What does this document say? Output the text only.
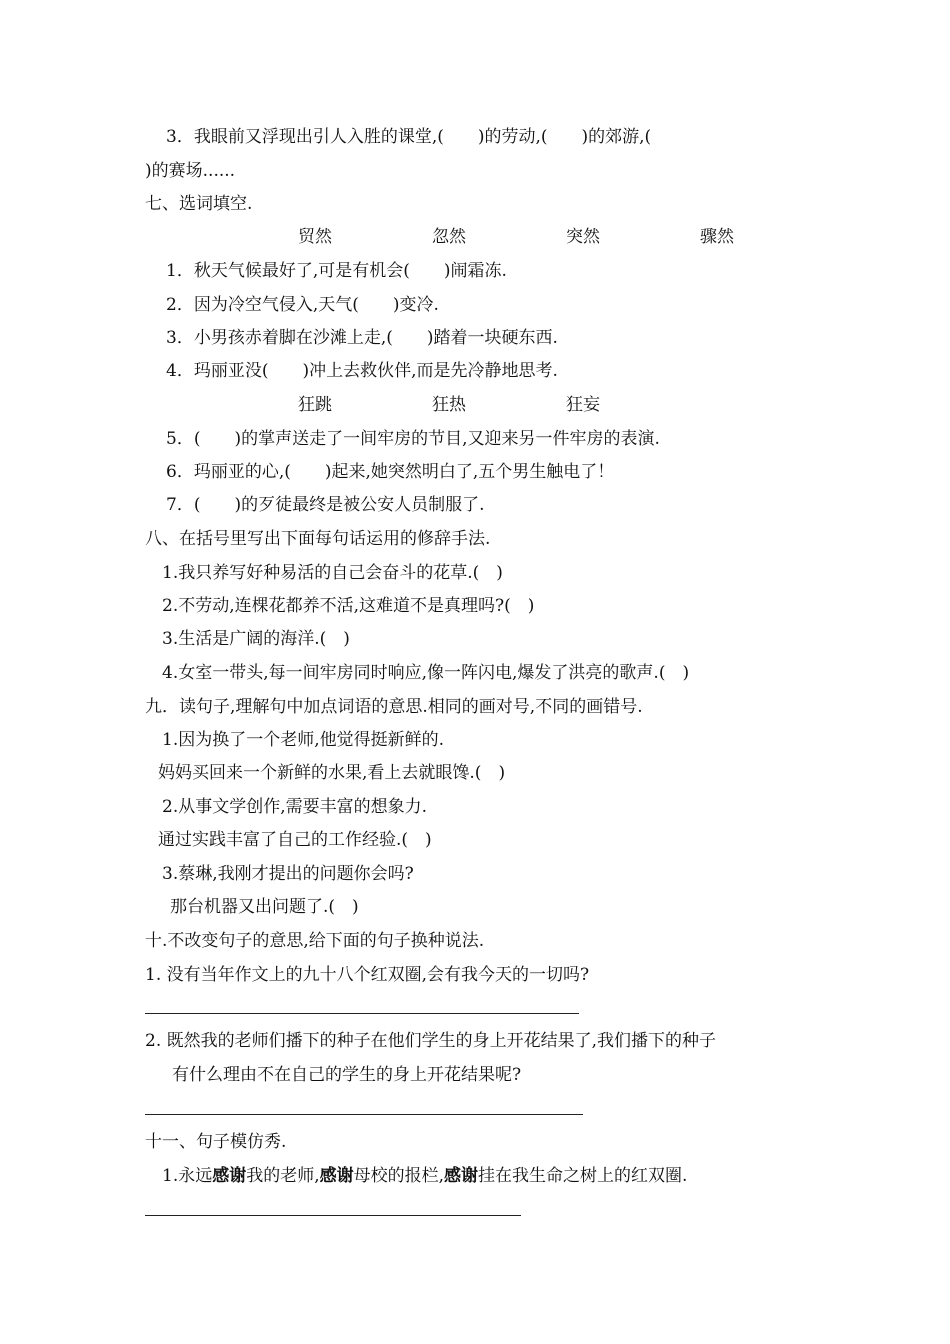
3．我眼前又浮现出引人入胜的课堂,(　　)的劳动,(　　)的郊游,(
)的赛场......
七、选词填空.
贸然	忽然	突然	骤然
1．秋天气候最好了,可是有机会(　　)闹霜冻.
2．因为冷空气侵入,天气(　　)变冷.
3．小男孩赤着脚在沙滩上走,(　　)踏着一块硬东西.
4．玛丽亚没(　　)冲上去救伙伴,而是先冷静地思考.
狂跳	狂热	狂妄
5．(　　)的掌声送走了一间牢房的节目,又迎来另一件牢房的表演.
6．玛丽亚的心,(　　)起来,她突然明白了,五个男生触电了！
7．(　　)的歹徒最终是被公安人员制服了.
八、在括号里写出下面每句话运用的修辞手法.
1.我只养写好种易活的自己会奋斗的花草.(　)
2.不劳动,连棵花都养不活,这难道不是真理吗?(　)
3.生活是广阔的海洋.(　)
4.女室一带头,每一间牢房同时响应,像一阵闪电,爆发了洪亮的歌声.(　)
九．读句子,理解句中加点词语的意思.相同的画对号,不同的画错号.
1.因为换了一个老师,他觉得挺新鲜的.
妈妈买回来一个新鲜的水果,看上去就眼馋.(　)
2.从事文学创作,需要丰富的想象力.
通过实践丰富了自己的工作经验.(　)
3.蔡琳,我刚才提出的问题你会吗?
那台机器又出问题了.(　)
十.不改变句子的意思,给下面的句子换种说法.
1. 没有当年作文上的九十八个红双圈,会有我今天的一切吗?
2. 既然我的老师们播下的种子在他们学生的身上开花结果了,我们播下的种子
有什么理由不在自己的学生的身上开花结果呢?
十一、句子模仿秀.
1.永远感谢我的老师,感谢母校的报栏,感谢挂在我生命之树上的红双圈.
